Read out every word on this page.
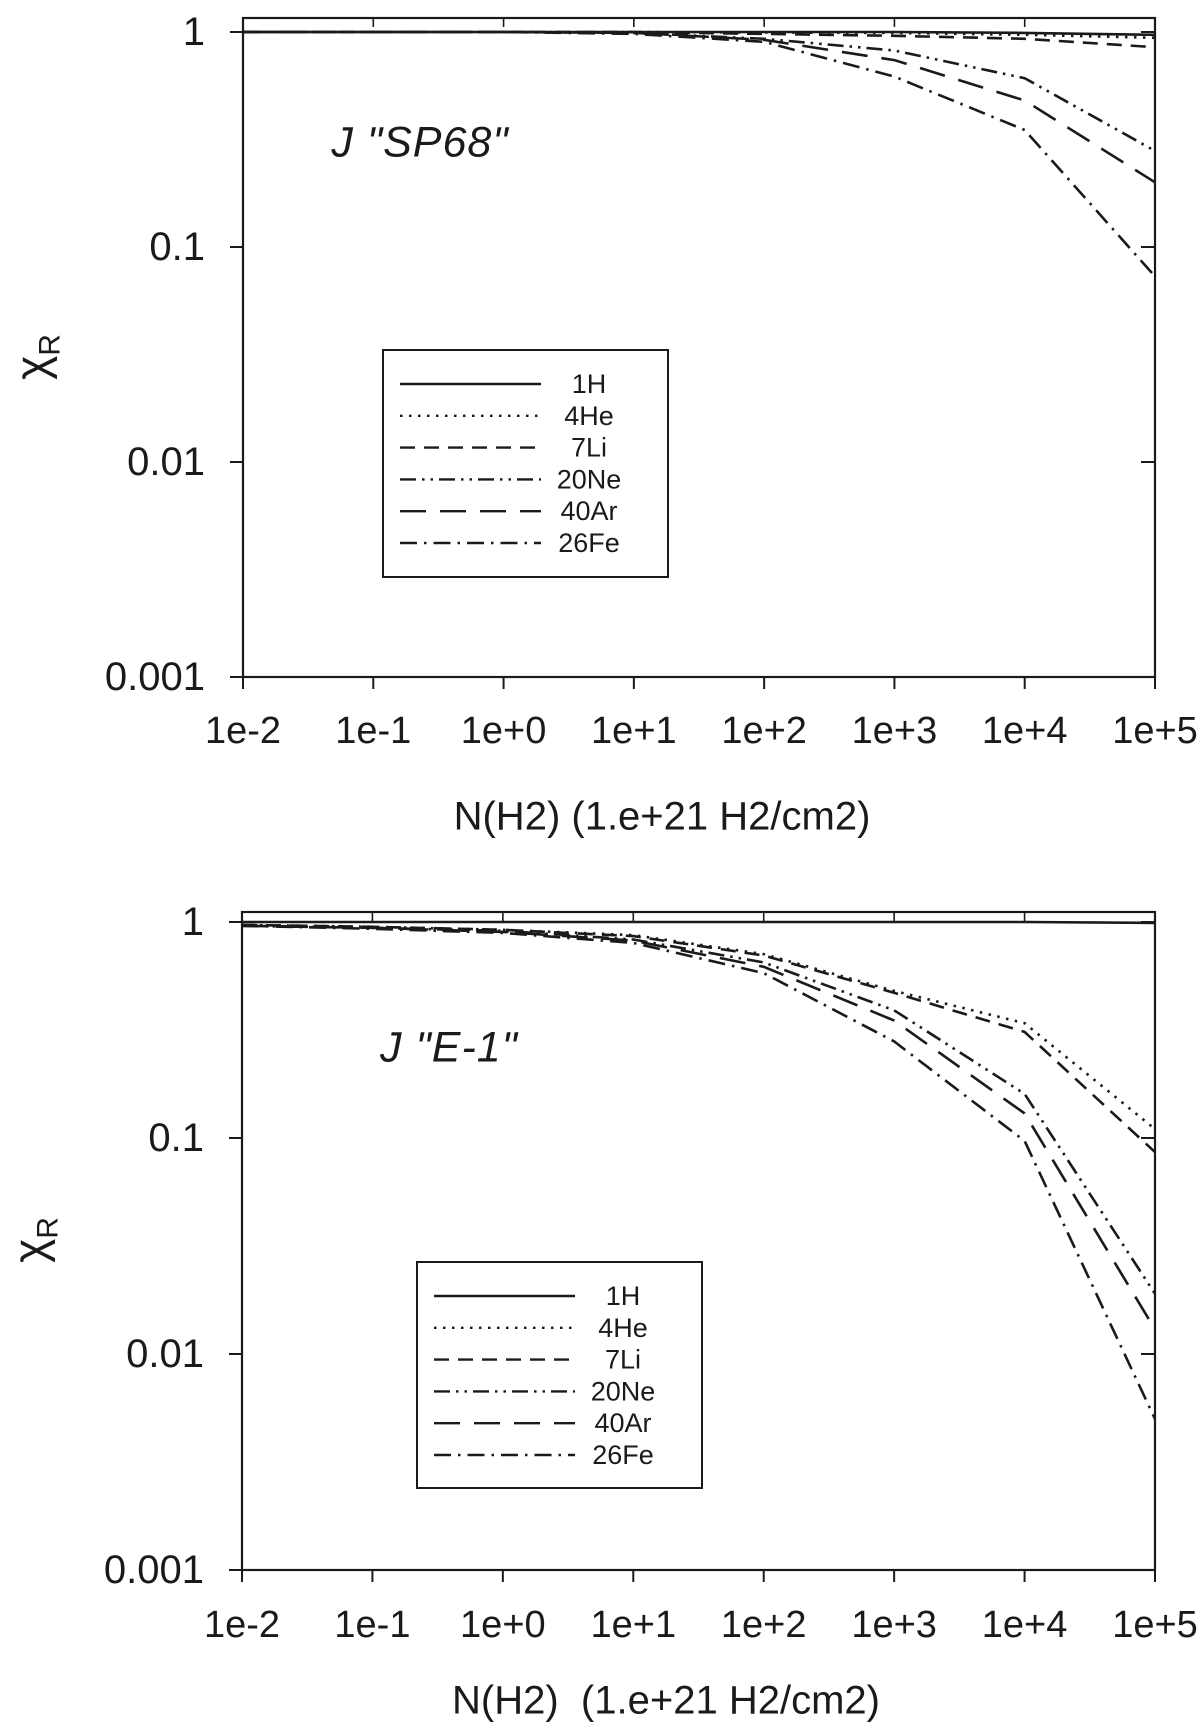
1e-2 1e-1 1e+0 1e+1 1e+2 1e+3 1e+4 1e+5
1
0.1
0.01
0.001
1H
4He
7Li
20Ne
40Ar
26Fe
1e-2 1e-1 1e+0 1e+1 1e+2 1e+3 1e+4 1e+5
1
0.1
0.01
0.001
1H
4He
7Li
20Ne
40Ar
26Fe
J "SP68"
J "E-1"
N(H2) (1.e+21 H2/cm2)
N(H2)  (1.e+21 H2/cm2)
$\chi_R$
$\chi_R$
